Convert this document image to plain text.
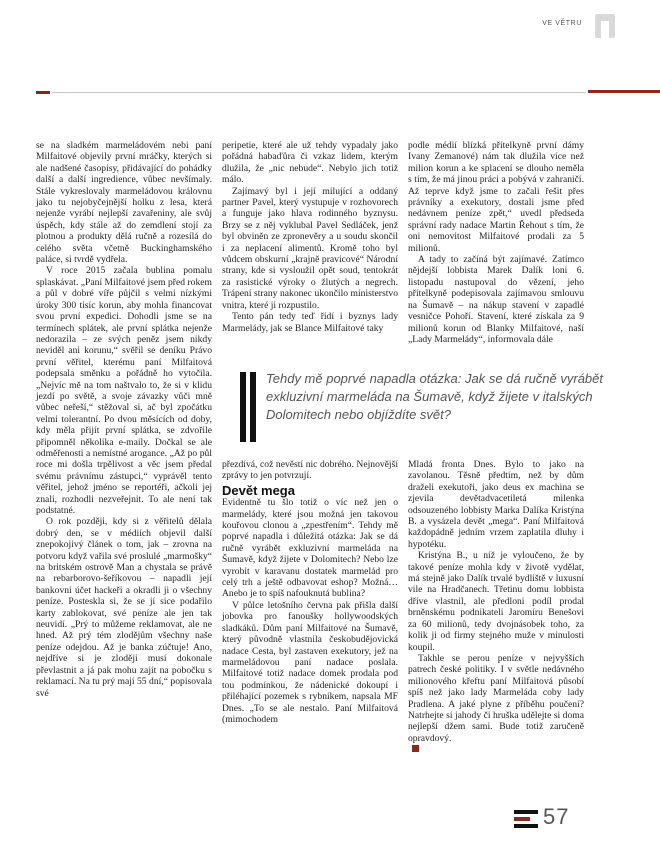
VE VĚTRU

se na sladkém marmeládovém nebi paní Milfaitové objevily první mráčky, kterých si ale nadšené časopisy, přidávající do pohádky další a další ingredience, vůbec nevšímaly. Stále vykreslovaly marmeládovou královnu jako tu nejobyčejnější holku z lesa, která nejenže vyrábí nejlepší zavařeniny, ale svůj úspěch, kdy stále až do zemdlení stojí za plotnou a produkty dělá ručně a rozesílá do celého světa včetně Buckinghamského paláce, si tvrdě vydřela.

V roce 2015 začala bublina pomalu splaskávat. „Paní Milfaitové jsem před rokem a půl v dobré víře půjčil s velmi nízkými úroky 300 tisíc korun, aby mohla financovat svou první expedici. Dohodli jsme se na termínech splátek, ale první splátka nejenže nedorazila – ze svých peněz jsem nikdy neviděl ani korunu,“ svěřil se deníku Právo první věřitel, kterému paní Milfaitová podepsala směnku a pořádně ho vytočila. „Nejvíc mě na tom naštvalo to, že si v klidu jezdí po světě, a svoje závazky vůči mně vůbec neřeší,“ stěžoval si, ač byl zpočátku velmi tolerantní. Po dvou měsících od doby, kdy měla přijít první splátka, se zdvořile připomněl několika e-maily. Dočkal se ale odměřenosti a nemístné arogance. „Až po půl roce mi došla trpělivost a věc jsem předal svému právnímu zástupci,“ vyprávěl tento věřitel, jehož jméno se reportéři, ačkoli jej znali, rozhodli nezveřejnit. To ale není tak podstatné.

O rok později, kdy si z věřitelů dělala dobrý den, se v médiích objevil další znepokojivý článek o tom, jak – zrovna na potvoru když vařila své proslulé „marmošky“ na britském ostrově Man a chystala se právě na rebarborovo-šeříkovou – napadli její bankovní účet hackeři a okradli ji o všechny peníze. Posteskla si, že se jí sice podařilo karty zablokovat, své peníze ale jen tak neuvidí. „Prý to můžeme reklamovat, ale ne hned. Až prý tém zlodějům všechny naše peníze odejdou. Až je banka zúčtuje! Ano, nejdříve si je zloději musí dokonale převlastnit a já pak mohu zajít na pobočku s reklamací. Na tu prý mají 55 dní,“ popisovala své

peripetie, které ale už tehdy vypadaly jako pořádná habaďůra či vzkaz lidem, kterým dlužila, že „nic nebude“. Nebylo jich totiž málo.

Zajímavý byl i její milující a oddaný partner Pavel, který vystupuje v rozhovorech a funguje jako hlava rodinného byznysu. Brzy se z něj vyklubal Pavel Sedláček, jenž byl obviněn ze zpronevěry a u soudu skončil i za neplacení alimentů. Kromě toho byl vůdcem obskurní „krajně pravicové“ Národní strany, kde si vysloužil opět soud, tentokrát za rasistické výroky o žlutých a negrech. Trápení strany nakonec ukončilo ministerstvo vnitra, které ji rozpustilo.

Tento pán tedy teď řídí i byznys lady Marmelády, jak se Blance Milfaitové taky

podle médií blízká přítelkyně první dámy Ivany Zemanové) nám tak dlužila více než milion korun a ke splacení se dlouho neměla s tím, že má jinou práci a pobývá v zahraničí. Až teprve když jsme to začali řešit přes právníky a exekutory, dostali jsme před nedávnem peníze zpět,“ uvedl předseda správní rady nadace Martin Řehout s tím, že oni nemovitost Milfaitové prodali za 5 milionů.

A tady to začíná být zajímavé. Zatímco nějdejší lobbista Marek Dalík loni 6. listopadu nastupoval do vězení, jeho přítelkyně podepisovala zajímavou smlouvu na Šumavě – na nákup stavení v zapadlé vesničce Pohoří. Stavení, které získala za 9 milionů korun od Blanky Milfaitové, naší „Lady Marmelády“, informovala dále

Tehdy mě poprvé napadla otázka: Jak se dá ručně vyrábět exkluzivní marmeláda na Šumavě, když žijete v italských Dolomitech nebo objíždíte svět?

přezdívá, což nevěstí nic dobrého. Nejnovější zprávy to jen potvrzují.

Devět mega

Evidentně tu šlo totiž o víc než jen o marmelády, které jsou možná jen takovou kouřovou clonou a „zpestřením“. Tehdy mě poprvé napadla i důležitá otázka: Jak se dá ručně vyrábět exkluzivní marmeláda na Šumavě, když žijete v Dolomitech? Nebo lze vyrobit v karavanu dostatek marmelád pro celý trh a ještě odbavovat eshop? Možná… Anebo je to spíš nafouknutá bublina?

V půlce letošního června pak přišla další jobovka pro fanoušky hollywoodských sladkáků. Dům paní Milfaitové na Šumavě, který původně vlastnila českobudějovická nadace Cesta, byl zastaven exekutory, jež na marmeládovou paní nadace poslala. Milfaitové totiž nadace domek prodala pod tou podmínkou, že nádenické dokoupí i přiléhající pozemek s rybníkem, napsala MF Dnes. „To se ale nestalo. Paní Milfaitová (mimochodem

Mladá fronta Dnes. Bylo to jako na zavolanou. Těsně předtím, než by dům draželi exekutoři, jako deus ex machina se zjevila devětadvacetiletá milenka odsouzeného lobbisty Marka Dalíka Kristýna B. a vysázela devět „mega“. Paní Milfaitová každopádně jedním vrzem zaplatila dluhy i hypotéku.

Kristýna B., u níž je vyloučeno, že by takové peníze mohla kdy v životě vydělat, má stejně jako Dalík trvalé bydliště v luxusní vile na Hradčanech. Třetinu domu lobbista dříve vlastnil, ale předloni podíl prodal brněnskému podnikateli Jaromíru Benešovi za 60 milionů, tedy dvojnásobek toho, za kolik ji od firmy stejného muže v minulosti koupil.

Takhle se perou peníze v nejvyšších patrech české politiky. I v světle nedávného milionového křeftu paní Milfaitová působí spíš než jako lady Marmeláda coby lady Pradlena. A jaké plyne z příběhu poučení? Natrhejte si jahody či hruška udělejte si doma nejlepší džem sami. Bude totiž zaručeně opravdový.

57
